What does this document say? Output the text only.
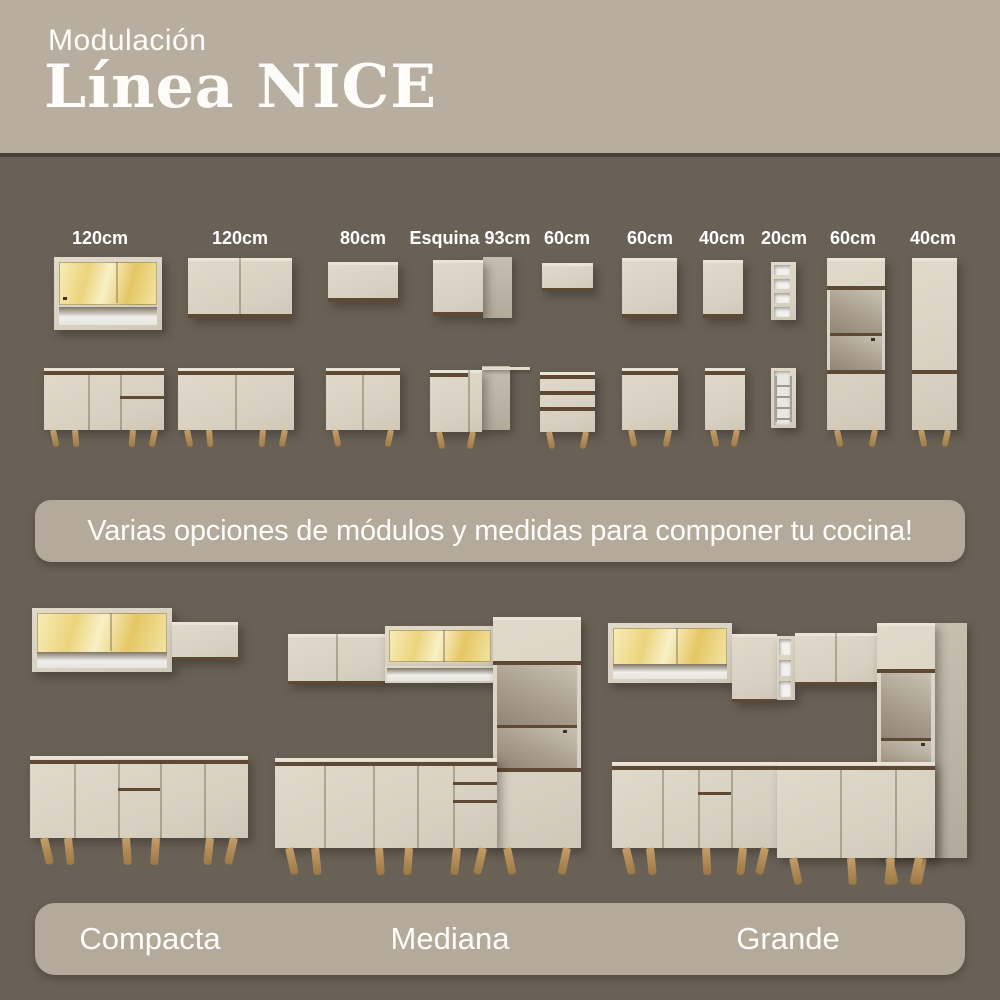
Modulación
Línea NICE
120cm	120cm	80cm Esquina 93cm 60cm 60cm 40cm 20cm 60cm 40cm
Varias opciones de módulos y medidas para componer tu cocina!
Compacta	Mediana	Grande
